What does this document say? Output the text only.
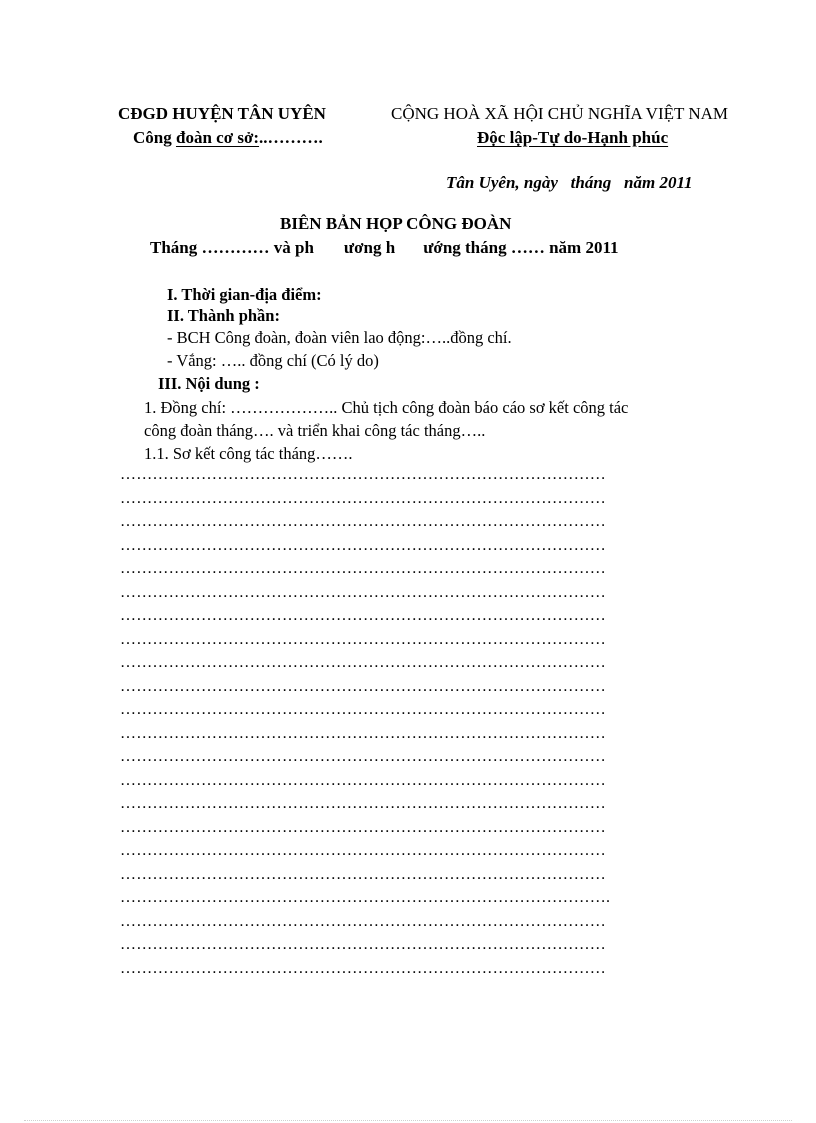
CĐGD HUYỆN TÂN UYÊN
Công đoàn cơ sở:..……….
CỘNG HOÀ XÃ HỘI CHỦ NGHĨA VIỆT NAM
Độc lập-Tự do-Hạnh phúc
Tân Uyên, ngày   tháng   năm 2011
BIÊN BẢN HỌP CÔNG ĐOÀN
Tháng ………… và ph ương h ướng tháng …… năm 2011
I. Thời gian-địa điểm:
II. Thành phần:
- BCH Công đoàn, đoàn viên lao động:…..đồng chí.
- Vắng: ….. đồng chí (Có lý do)
III. Nội dung :
1. Đồng chí: ……………….. Chủ tịch công đoàn báo cáo sơ kết công tác
công đoàn tháng…. và triển khai công tác tháng…..
1.1. Sơ kết công tác tháng…….
………………………………………………………………………………
………………………………………………………………………………
………………………………………………………………………………
………………………………………………………………………………
………………………………………………………………………………
………………………………………………………………………………
………………………………………………………………………………
………………………………………………………………………………
………………………………………………………………………………
………………………………………………………………………………
………………………………………………………………………………
………………………………………………………………………………
………………………………………………………………………………
………………………………………………………………………………
………………………………………………………………………………
………………………………………………………………………………
………………………………………………………………………………
………………………………………………………………………………
……………………………………………………………………………….
………………………………………………………………………………
………………………………………………………………………………
………………………………………………………………………………
